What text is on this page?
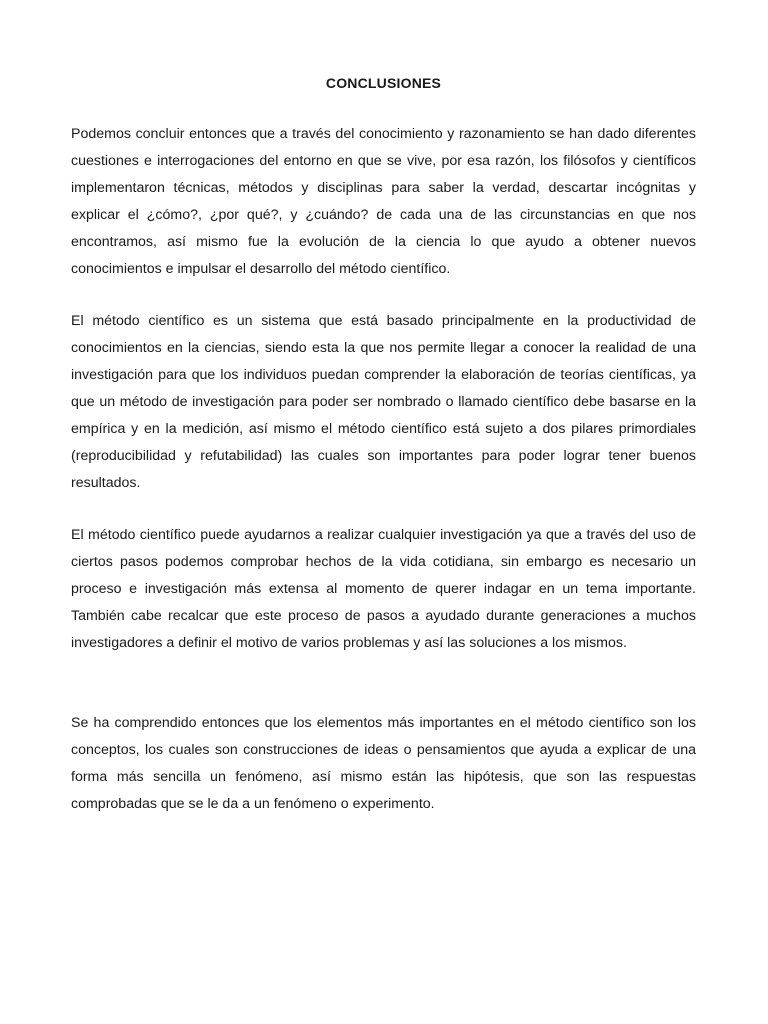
CONCLUSIONES

Podemos concluir entonces que a través del conocimiento y razonamiento se han dado diferentes cuestiones e interrogaciones del entorno en que se vive, por esa razón, los filósofos y científicos implementaron técnicas, métodos y disciplinas para saber la verdad, descartar incógnitas y explicar el ¿cómo?, ¿por qué?, y ¿cuándo? de cada una de las circunstancias en que nos encontramos, así mismo fue la evolución de la ciencia lo que ayudo a obtener nuevos conocimientos e impulsar el desarrollo del método científico.

El método científico es un sistema que está basado principalmente en la productividad de conocimientos en la ciencias, siendo esta la que nos permite llegar a conocer la realidad de una investigación para que los individuos puedan comprender la elaboración de teorías científicas, ya que un método de investigación para poder ser nombrado o llamado científico debe basarse en la empírica y en la medición, así mismo el método científico está sujeto a dos pilares primordiales (reproducibilidad y refutabilidad) las cuales son importantes para poder lograr tener buenos resultados.

El método científico puede ayudarnos a realizar cualquier investigación ya que a través del uso de ciertos pasos podemos comprobar hechos de la vida cotidiana, sin embargo es necesario un proceso e investigación más extensa al momento de querer indagar en un tema importante. También cabe recalcar que este proceso de pasos a ayudado durante generaciones a muchos investigadores a definir el motivo de varios problemas y así las soluciones a los mismos.

Se ha comprendido entonces que los elementos más importantes en el método científico son los conceptos, los cuales son construcciones de ideas o pensamientos que ayuda a explicar de una forma más sencilla un fenómeno, así mismo están las hipótesis, que son las respuestas comprobadas que se le da a un fenómeno o experimento.
